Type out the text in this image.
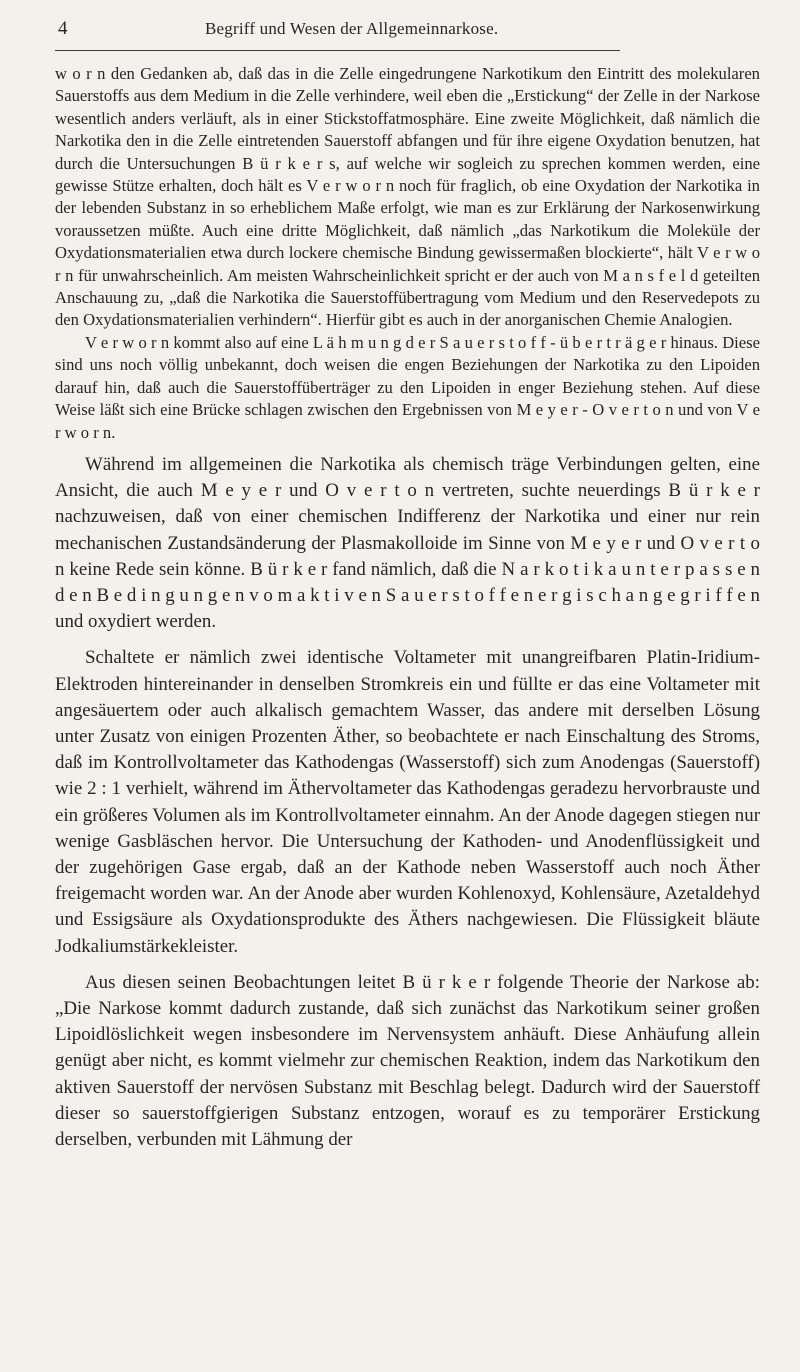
4	Begriff und Wesen der Allgemeinnarkose.

w o r n den Gedanken ab, daß das in die Zelle eingedrungene Narkotikum den Eintritt des molekularen Sauerstoffs aus dem Medium in die Zelle verhindere, weil eben die „Erstickung“ der Zelle in der Narkose wesentlich anders verläuft, als in einer Stickstoffatmosphäre. Eine zweite Möglichkeit, daß nämlich die Narkotika den in die Zelle eintretenden Sauerstoff abfangen und für ihre eigene Oxydation benutzen, hat durch die Untersuchungen B ü r k e r s, auf welche wir sogleich zu sprechen kommen werden, eine gewisse Stütze erhalten, doch hält es V e r w o r n noch für fraglich, ob eine Oxydation der Narkotika in der lebenden Substanz in so erheblichem Maße erfolgt, wie man es zur Erklärung der Narkosenwirkung voraussetzen müßte. Auch eine dritte Möglichkeit, daß nämlich „das Narkotikum die Moleküle der Oxydationsmaterialien etwa durch lockere chemische Bindung gewissermaßen blockierte“, hält V e r w o r n für unwahrscheinlich. Am meisten Wahrscheinlichkeit spricht er der auch von M a n s f e l d geteilten Anschauung zu, „daß die Narkotika die Sauerstoffübertragung vom Medium und den Reservedepots zu den Oxydationsmaterialien verhindern“. Hierfür gibt es auch in der anorganischen Chemie Analogien.

V e r w o r n kommt also auf eine L ä h m u n g d e r S a u e r s t o f f - ü b e r t r ä g e r hinaus. Diese sind uns noch völlig unbekannt, doch weisen die engen Beziehungen der Narkotika zu den Lipoiden darauf hin, daß auch die Sauerstoffüberträger zu den Lipoiden in enger Beziehung stehen. Auf diese Weise läßt sich eine Brücke schlagen zwischen den Ergebnissen von M e y e r - O v e r t o n und von V e r w o r n.

Während im allgemeinen die Narkotika als chemisch träge Verbindungen gelten, eine Ansicht, die auch M e y e r und O v e r t o n vertreten, suchte neuerdings B ü r k e r nachzuweisen, daß von einer chemischen Indifferenz der Narkotika und einer nur rein mechanischen Zustandsänderung der Plasmakolloide im Sinne von M e y e r und O v e r t o n keine Rede sein könne. B ü r k e r fand nämlich, daß die N a r k o t i k a u n t e r p a s s e n d e n B e d i n g u n g e n v o m a k t i v e n S a u e r s t o f f e n e r g i s c h a n g e g r i f f e n und oxydiert werden.

Schaltete er nämlich zwei identische Voltameter mit unangreifbaren Platin-Iridium-Elektroden hintereinander in denselben Stromkreis ein und füllte er das eine Voltameter mit angesäuertem oder auch alkalisch gemachtem Wasser, das andere mit derselben Lösung unter Zusatz von einigen Prozenten Äther, so beobachtete er nach Einschaltung des Stroms, daß im Kontrollvoltameter das Kathodengas (Wasserstoff) sich zum Anodengas (Sauerstoff) wie 2 : 1 verhielt, während im Äthervoltameter das Kathodengas geradezu hervorbrauste und ein größeres Volumen als im Kontrollvoltameter einnahm. An der Anode dagegen stiegen nur wenige Gasbläschen hervor. Die Untersuchung der Kathoden- und Anodenflüssigkeit und der zugehörigen Gase ergab, daß an der Kathode neben Wasserstoff auch noch Äther freigemacht worden war. An der Anode aber wurden Kohlenoxyd, Kohlensäure, Azetaldehyd und Essigsäure als Oxydationsprodukte des Äthers nachgewiesen. Die Flüssigkeit bläute Jodkaliumstärkekleister.

Aus diesen seinen Beobachtungen leitet B ü r k e r folgende Theorie der Narkose ab: „Die Narkose kommt dadurch zustande, daß sich zunächst das Narkotikum seiner großen Lipoidlöslichkeit wegen insbesondere im Nervensystem anhäuft. Diese Anhäufung allein genügt aber nicht, es kommt vielmehr zur chemischen Reaktion, indem das Narkotikum den aktiven Sauerstoff der nervösen Substanz mit Beschlag belegt. Dadurch wird der Sauerstoff dieser so sauerstoffgierigen Substanz entzogen, worauf es zu temporärer Erstickung derselben, verbunden mit Lähmung der
